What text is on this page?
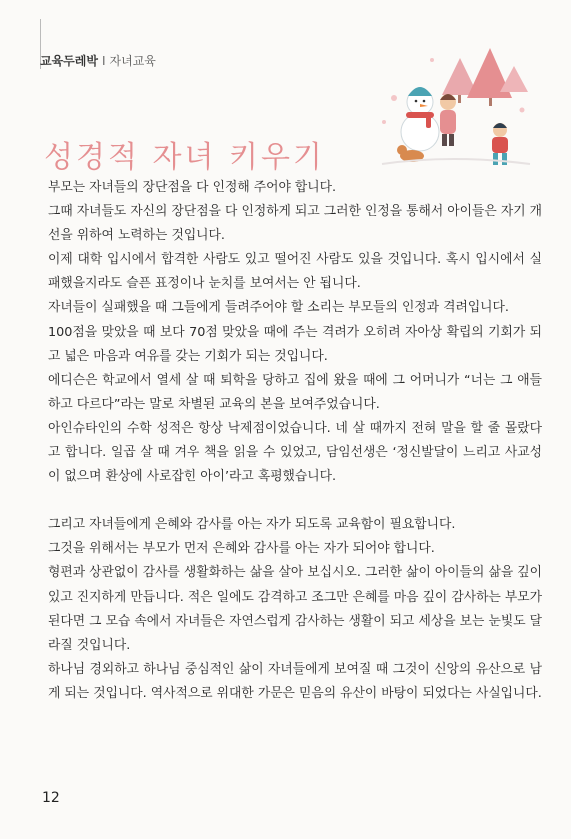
교육두레박 I 자녀교육
성경적 자녀 키우기

부모는 자녀들의 장단점을 다 인정해 주어야 합니다.

그때 자녀들도 자신의 장단점을 다 인정하게 되고 그러한 인정을 통해서 아이들은 자기 개선을 위하여 노력하는 것입니다.

이제 대학 입시에서 합격한 사람도 있고 떨어진 사람도 있을 것입니다. 혹시 입시에서 실패했을지라도 슬픈 표정이나 눈치를 보여서는 안 됩니다.

자녀들이 실패했을 때 그들에게 들려주어야 할 소리는 부모들의 인정과 격려입니다.

100점을 맞았을 때 보다 70점 맞았을 때에 주는 격려가 오히려 자아상 확립의 기회가 되고 넓은 마음과 여유를 갖는 기회가 되는 것입니다.

에디슨은 학교에서 열세 살 때 퇴학을 당하고 집에 왔을 때에 그 어머니가 “너는 그 애들하고 다르다”라는 말로 차별된 교육의 본을 보여주었습니다.

아인슈타인의 수학 성적은 항상 낙제점이었습니다. 네 살 때까지 전혀 말을 할 줄 몰랐다고 합니다. 일곱 살 때 겨우 책을 읽을 수 있었고, 담임선생은 ‘정신발달이 느리고 사교성이 없으며 환상에 사로잡힌 아이’라고 혹평했습니다.

그리고 자녀들에게 은혜와 감사를 아는 자가 되도록 교육함이 필요합니다.

그것을 위해서는 부모가 먼저 은혜와 감사를 아는 자가 되어야 합니다.

형편과 상관없이 감사를 생활화하는 삶을 살아 보십시오. 그러한 삶이 아이들의 삶을 깊이 있고 진지하게 만듭니다. 적은 일에도 감격하고 조그만 은혜를 마음 깊이 감사하는 부모가 된다면 그 모습 속에서 자녀들은 자연스럽게 감사하는 생활이 되고 세상을 보는 눈빛도 달라질 것입니다.

하나님 경외하고 하나님 중심적인 삶이 자녀들에게 보여질 때 그것이 신앙의 유산으로 남게 되는 것입니다. 역사적으로 위대한 가문은 믿음의 유산이 바탕이 되었다는 사실입니다.

12
